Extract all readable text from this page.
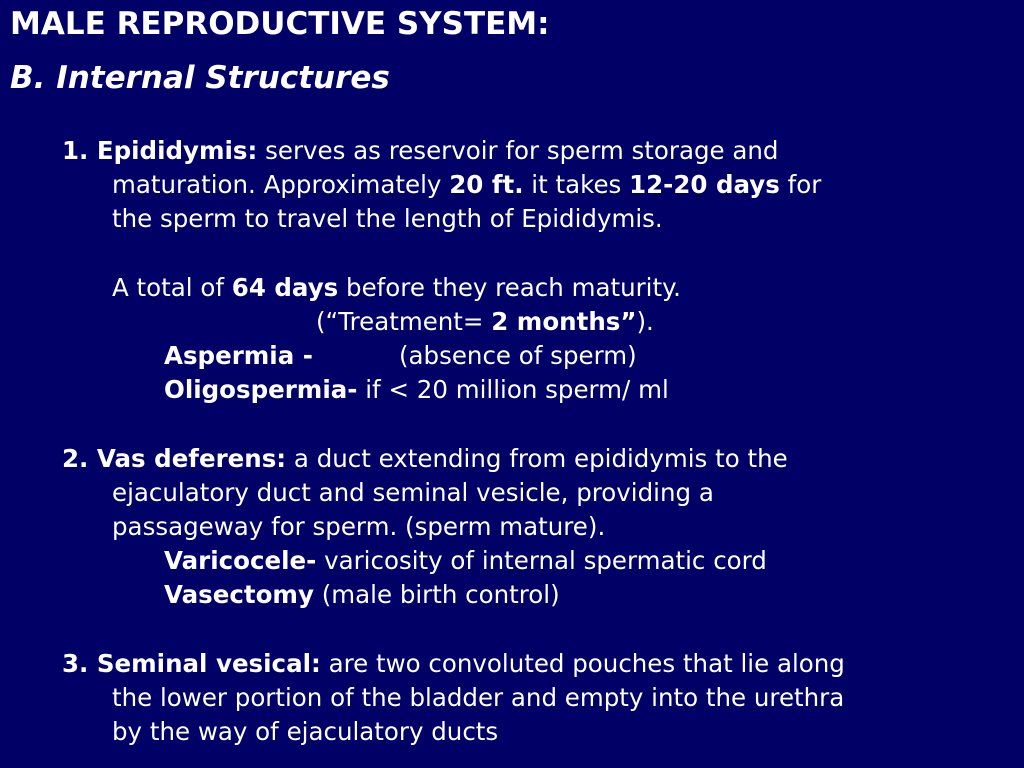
MALE REPRODUCTIVE SYSTEM:
B. Internal Structures
1. Epididymis: serves as reservoir for sperm storage and
maturation. Approximately 20 ft. it takes 12-20 days for
the sperm to travel the length of Epididymis.
A total of 64 days before they reach maturity.
(“Treatment= 2 months”).
Aspermia -	(absence of sperm)
Oligospermia- if < 20 million sperm/ ml
2. Vas deferens: a duct extending from epididymis to the
ejaculatory duct and seminal vesicle, providing a
passageway for sperm. (sperm mature).
Varicocele- varicosity of internal spermatic cord
Vasectomy (male birth control)
3. Seminal vesical: are two convoluted pouches that lie along
the lower portion of the bladder and empty into the urethra
by the way of ejaculatory ducts
